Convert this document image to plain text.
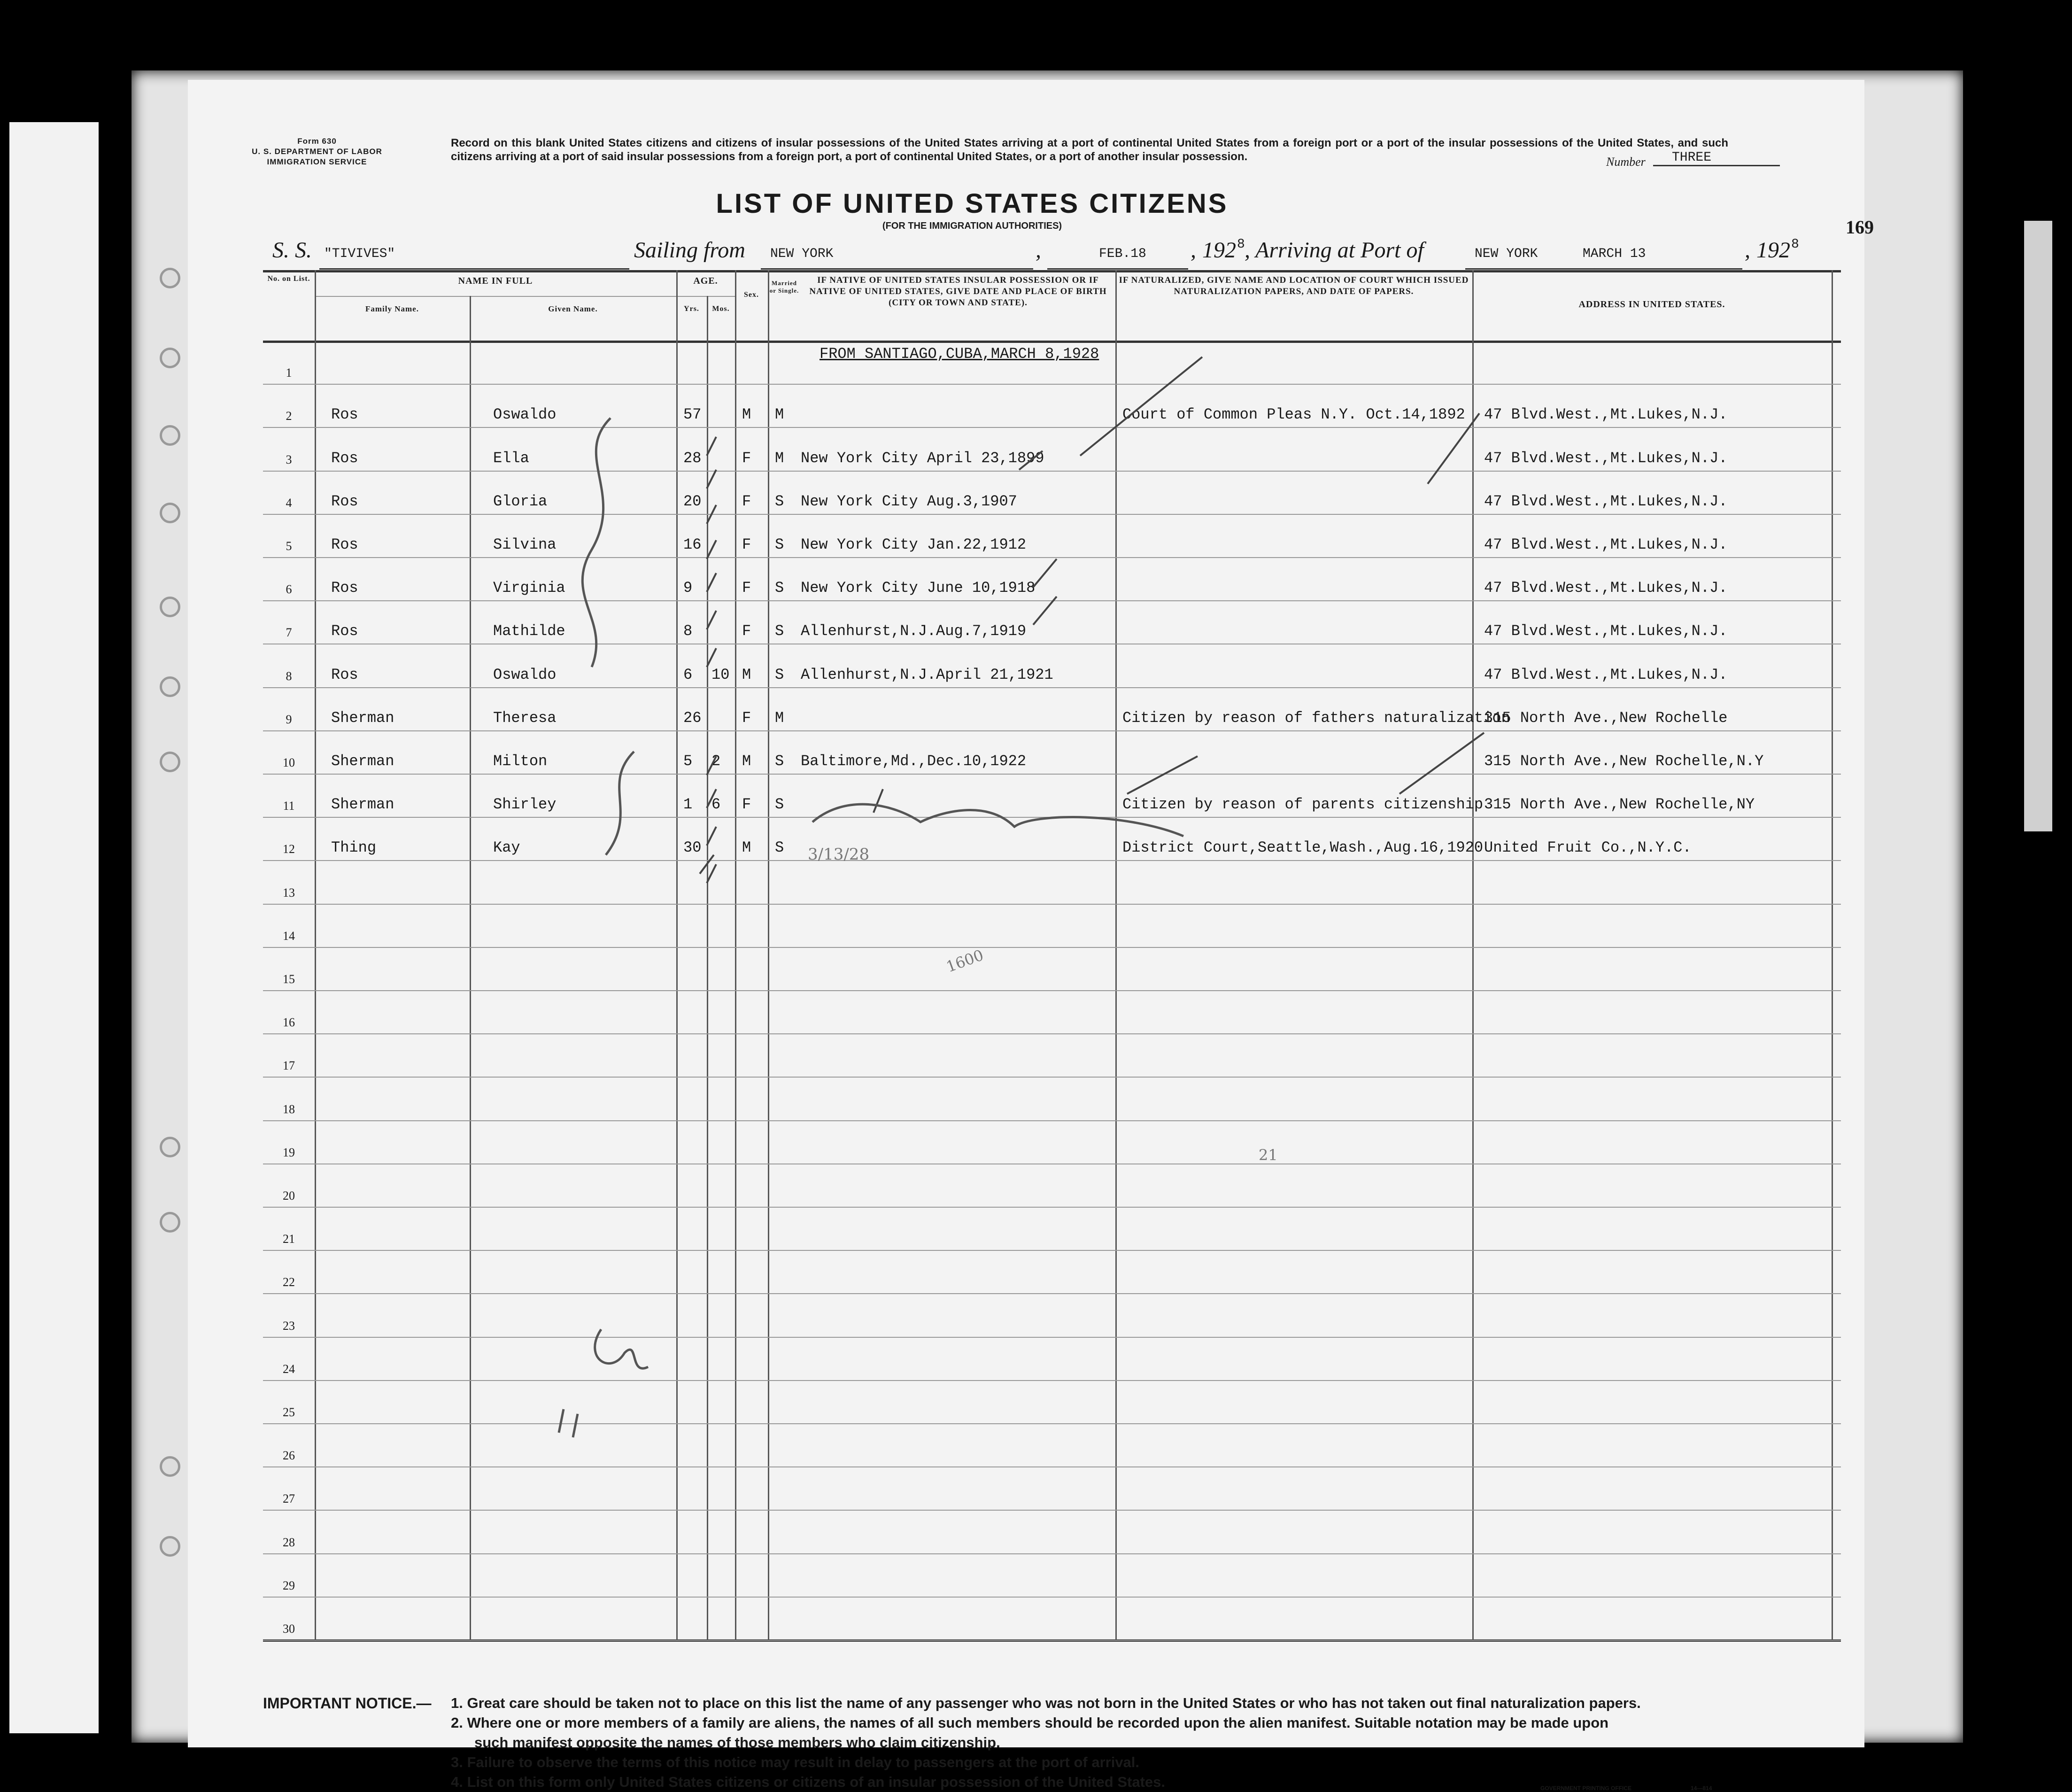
Form 630
U. S. DEPARTMENT OF LABOR
IMMIGRATION SERVICE
Record on this blank United States citizens and citizens of insular possessions of the United States arriving at a port of continental United States from a foreign port or a port of the insular possessions of the United States, and such citizens arriving at a port of said insular possessions from a foreign port, a port of continental United States, or a port of another insular possession.	Number	THREE
169
LIST OF UNITED STATES CITIZENS
(FOR THE IMMIGRATION AUTHORITIES)
S. S. "TIVIVES"	Sailing from NEW YORK	,	FEB.18 , 192 8 , Arriving at Port of	NEW YORK	MARCH 13	, 192 8
No. on List.	NAME IN FULL
Family Name.	Given Name.
AGE.
Yrs.	Mos.
Sex.
Married or Single.
IF NATIVE OF UNITED STATES INSULAR POSSESSION OR IF NATIVE OF UNITED STATES, GIVE DATE AND PLACE OF BIRTH (CITY OR TOWN AND STATE).
IF NATURALIZED, GIVE NAME AND LOCATION OF COURT WHICH ISSUED NATURALIZATION PAPERS, AND DATE OF PAPERS.
ADDRESS IN UNITED STATES.
FROM SANTIAGO,CUBA,MARCH 8,1928
1
2	Ros	Oswaldo	57	M M	Court of Common Pleas N.Y. Oct.14,1892 47 Blvd.West.,Mt.Lukes,N.J.
3	Ros	Ella	28	F M New York City April 23,1899	47 Blvd.West.,Mt.Lukes,N.J.
4	Ros	Gloria	20	F S New York City Aug.3,1907	47 Blvd.West.,Mt.Lukes,N.J.
5	Ros	Silvina	16	F S New York City Jan.22,1912	47 Blvd.West.,Mt.Lukes,N.J.
6	Ros	Virginia	9	F S New York City June 10,1918	47 Blvd.West.,Mt.Lukes,N.J.
7	Ros	Mathilde	8	F S Allenhurst,N.J.Aug.7,1919	47 Blvd.West.,Mt.Lukes,N.J.
8	Ros	Oswaldo	6 10 M S Allenhurst,N.J.April 21,1921	47 Blvd.West.,Mt.Lukes,N.J.
9	Sherman	Theresa	26	F M	Citizen by reason of fathers naturalization
315 North Ave.,New Rochelle
10	Sherman	Milton	5 2 M S Baltimore,Md.,Dec.10,1922	315 North Ave.,New Rochelle,N.Y
11	Sherman	Shirley	1 6 F S	Citizen by reason of parents citizenship 315 North Ave.,New Rochelle,NY
12	Thing	Kay	30	M S	District Court,Seattle,Wash.,Aug.16,1920 United Fruit Co.,N.Y.C.
13
14
15
16
17
18
19
20
21
22
23
24
25
26
27
28
29
30
3/13/28
1600
21
IMPORTANT NOTICE.— 1. Great care should be taken not to place on this list the name of any passenger who was not born in the United States or who has not taken out final naturalization papers.
2. Where one or more members of a family are aliens, the names of all such members should be recorded upon the alien manifest. Suitable notation may be made upon
such manifest opposite the names of those members who claim citizenship.
3. Failure to observe the terms of this notice may result in delay to passengers at the port of arrival.
4. List on this form only United States citizens or citizens of an insular possession of the United States.	GOVERNMENT PRINTING OFFICE	14—814
